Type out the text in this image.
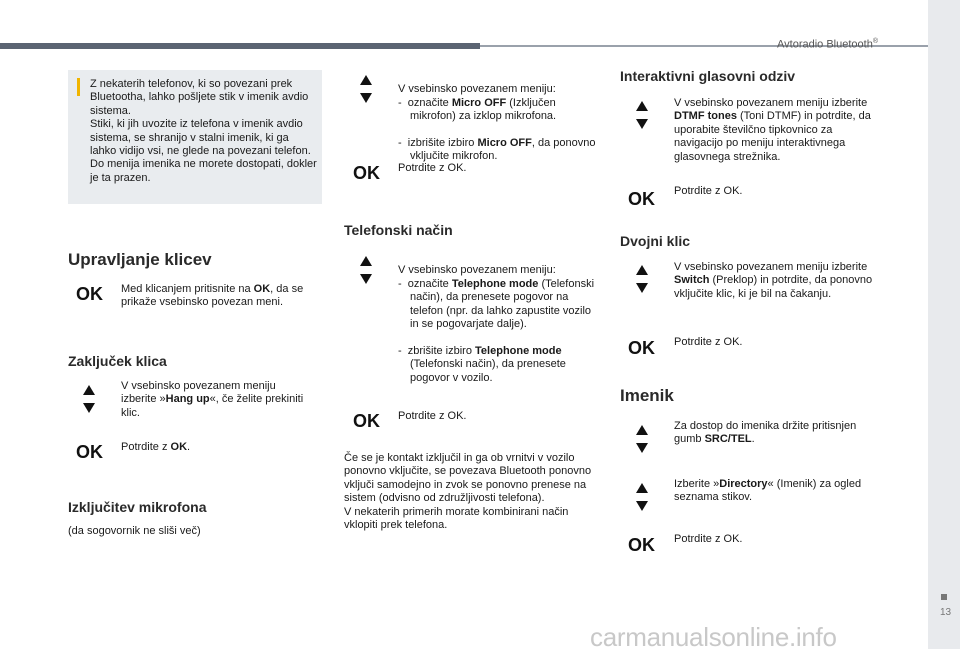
Avtoradio Bluetooth®
13
carmanualsonline.info
Z nekaterih telefonov, ki so povezani prek Bluetootha, lahko pošljete stik v imenik avdio sistema.
Stiki, ki jih uvozite iz telefona v imenik avdio sistema, se shranijo v stalni imenik, ki ga lahko vidijo vsi, ne glede na povezani telefon.
Do menija imenika ne morete dostopati, dokler je ta prazen.
Upravljanje klicev
OK Med klicanjem pritisnite na OK, da se prikaže vsebinsko povezan meni.
Zaključek klica
V vsebinsko povezanem meniju izberite »Hang up«, če želite prekiniti klic.
OK Potrdite z OK.
Izključitev mikrofona
(da sogovornik ne sliši več)

V vsebinsko povezanem meniju:

-  označite Micro OFF (Izključen mikrofon) za izklop mikrofona.

-  izbrišite izbiro Micro OFF, da ponovno vključite mikrofon.

OK Potrdite z OK.
Telefonski način

V vsebinsko povezanem meniju:

-  označite Telephone mode (Telefonski način), da prenesete pogovor na telefon (npr. da lahko zapustite vozilo in se pogovarjate dalje).

-  zbrišite izbiro Telephone mode (Telefonski način), da prenesete pogovor v vozilo.

OK Potrdite z OK.
Če se je kontakt izključil in ga ob vrnitvi v vozilo ponovno vključite, se povezava Bluetooth ponovno vključi samodejno in zvok se ponovno prenese na sistem (odvisno od združljivosti telefona).
V nekaterih primerih morate kombinirani način vklopiti prek telefona.
Interaktivni glasovni odziv
V vsebinsko povezanem meniju izberite DTMF tones (Toni DTMF) in potrdite, da uporabite številčno tipkovnico za navigacijo po meniju interaktivnega glasovnega strežnika.
OK Potrdite z OK.
Dvojni klic
V vsebinsko povezanem meniju izberite Switch (Preklop) in potrdite, da ponovno vključite klic, ki je bil na čakanju.
OK Potrdite z OK.
Imenik
Za dostop do imenika držite pritisnjen gumb SRC/TEL.
Izberite »Directory« (Imenik) za ogled seznama stikov.
OK Potrdite z OK.
